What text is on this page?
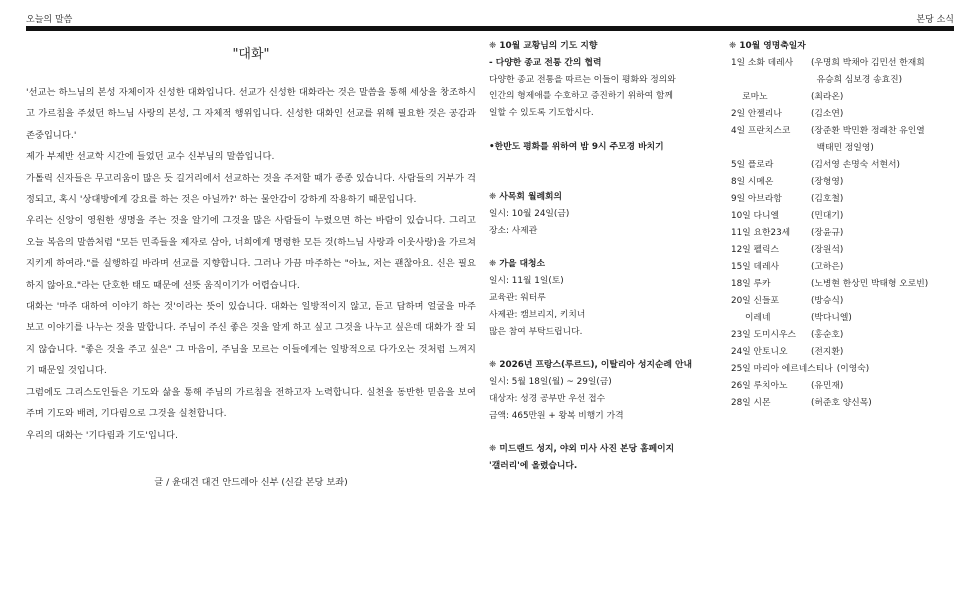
오늘의 말씀	본당 소식
"대화"

'선교는 하느님의 본성 자체이자 신성한 대화입니다. 선교가 신성한 대화라는 것은 말씀을 통해 세상을 창조하시고 가르침을 주셨던 하느님 사랑의 본성, 그 자체적 행위입니다. 신성한 대화인 선교를 위해 필요한 것은 공감과 존중입니다.'

제가 부제반 선교학 시간에 들었던 교수 신부님의 말씀입니다.

가톨릭 신자들은 무고리움이 많은 듯 길거리에서 선교하는 것을 주저할 때가 종종 있습니다. 사람들의 거부가 걱정되고, 혹시 '상대방에게 강요를 하는 것은 아닐까?' 하는 물안감이 강하게 작용하기 때문입니다.

우리는 신앙이 영원한 생명을 주는 것을 알기에 그것을 많은 사람들이 누렸으면 하는 바람이 있습니다. 그리고 오늘 복음의 말씀처럼 "모든 민족들을 제자로 삼아, 너희에게 명령한 모든 것(하느님 사랑과 이웃사랑)을 가르쳐 지키게 하여라."를 실행하길 바라며 선교를 지향합니다. 그러나 가끔 마주하는 "아뇨, 저는 괜찮아요. 신은 필요하지 않아요."라는 단호한 태도 때문에 선뜻 움직이기가 어렵습니다.

대화는 '마주 대하여 이야기 하는 것'이라는 뜻이 있습니다. 대화는 일방적이지 않고, 듣고 답하며 얼굴을 마주 보고 이야기를 나누는 것을 말합니다. 주님이 주신 좋은 것을 알게 하고 싶고 그것을 나누고 싶은데 대화가 잘 되지 않습니다. "좋은 것을 주고 싶은" 그 마음이, 주님을 모르는 이들에게는 일방적으로 다가오는 것처럼 느껴지기 때문일 것입니다.

그럼에도 그리스도인들은 기도와 삶을 통해 주님의 가르침을 전하고자 노력합니다. 실천을 동반한 믿음을 보여주며 기도와 배려, 기다림으로 그것을 실천합니다.

우리의 대화는 '기다림과 기도'입니다.

글 / 윤대건 대건 안드레아 신부 (신갈 본당 보좌)
❈ 10월 교황님의 기도 지향
- 다양한 종교 전통 간의 협력
다양한 종교 전통을 따르는 이들이 평화와 정의와
인간의 형제애를 수호하고 증진하기 위하여 함께
일할 수 있도록 기도합시다.
•한반도 평화를 위하여 밤 9시 주모경 바치기
❈ 사목회 월례회의
일시: 10월 24일(금)
장소: 사제관
❈ 가을 대청소
일시: 11월 1일(토)
교육관: 워터루
사제관: 캠브리지, 키치너
많은 참여 부탁드립니다.
❈ 2026년 프랑스(루르드), 이탈리아 성지순례 안내
일시: 5월 18일(월) ~ 29일(금)
대상자: 성경 공부반 우선 접수
금액: 465만원 + 왕복 비행기 가격
❈ 미드랜드 성지, 야외 미사 사진 본당 홈페이지
'갤러리'에 올렸습니다.
❈ 10월 영명축일자
1일 소화 데레사 (우명희 박채아 김민선 한재희
유승희 심보경 송효진)
로마노	(최라온)
2일 안젤리나	(김소연)
4일 프란치스코 (장준환 박민환 정래찬 유인열
백태민 정일영)
5일 플로라	(김서영 손명숙 서현서)
8일 시메온	(장형영)
9일 아브라함	(김호철)
10일 다니엘	(민대기)
11일 요한23세 (장윤규)
12일 펠릭스	(장원석)
15일 데레사	(고하은)
18일 루카	(노병현 한상민 박태형 오로빈)
20일 신들포	(방승식)
이레네	(박다니엘)
23일 도미시우스 (홍순호)
24일 안토니오	(전지환)
25일 마리아 에르네스티나 (이영숙)
26일 루치아노	(유민재)
28일 시몬	(허준호 양신목)
